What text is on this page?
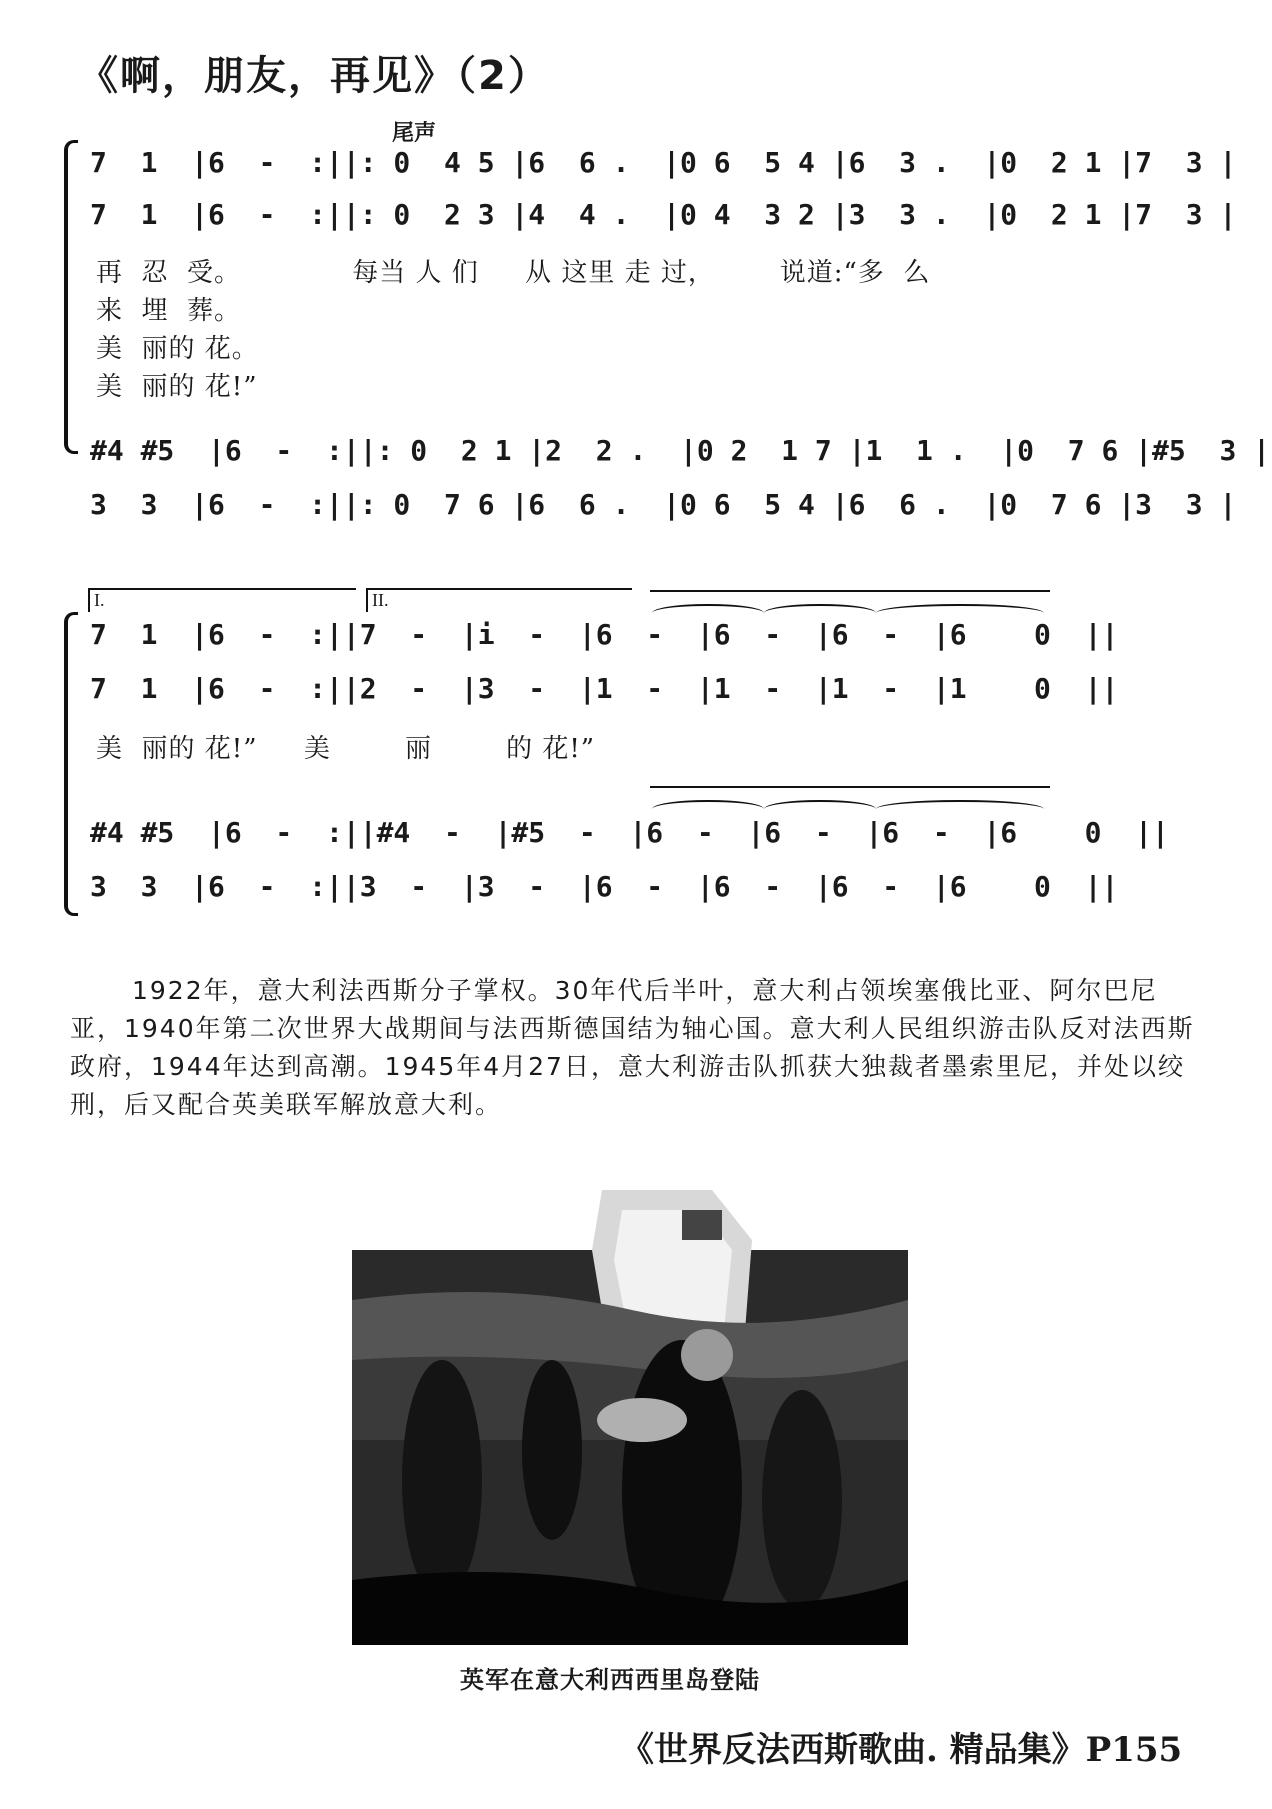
《啊，朋友，再见》（2）
尾声
7  1  |6  -  :||: 0  4 5 |6  6 .  |0 6  5 4 |6  3 .  |0  2 1 |7  3 |
7  1  |6  -  :||: 0  2 3 |4  4 .  |0 4  3 2 |3  3 .  |0  2 1 |7  3 |
再  忍  受。            每当 人 们     从 这里 走 过，       说道:“多  么
来  埋  葬。
美  丽的 花。
美  丽的 花!”
#4 #5  |6  -  :||: 0  2 1 |2  2 .  |0 2  1 7 |1  1 .  |0  7 6 |#5  3 |
3  3  |6  -  :||: 0  7 6 |6  6 .  |0 6  5 4 |6  6 .  |0  7 6 |3  3 |
I.	II.
7  1  |6  -  :||7  -  |i  -  |6  -  |6  -  |6  -  |6    0  ||
7  1  |6  -  :||2  -  |3  -  |1  -  |1  -  |1  -  |1    0  ||
美  丽的 花!”     美        丽        的 花!”
#4 #5  |6  -  :||#4  -  |#5  -  |6  -  |6  -  |6  -  |6    0  ||
3  3  |6  -  :||3  -  |3  -  |6  -  |6  -  |6  -  |6    0  ||
1922年，意大利法西斯分子掌权。30年代后半叶，意大利占领埃塞俄比亚、阿尔巴尼亚，1940年第二次世界大战期间与法西斯德国结为轴心国。意大利人民组织游击队反对法西斯政府，1944年达到高潮。1945年4月27日，意大利游击队抓获大独裁者墨索里尼，并处以绞刑，后又配合英美联军解放意大利。
英军在意大利西西里岛登陆
《世界反法西斯歌曲. 精品集》P155
